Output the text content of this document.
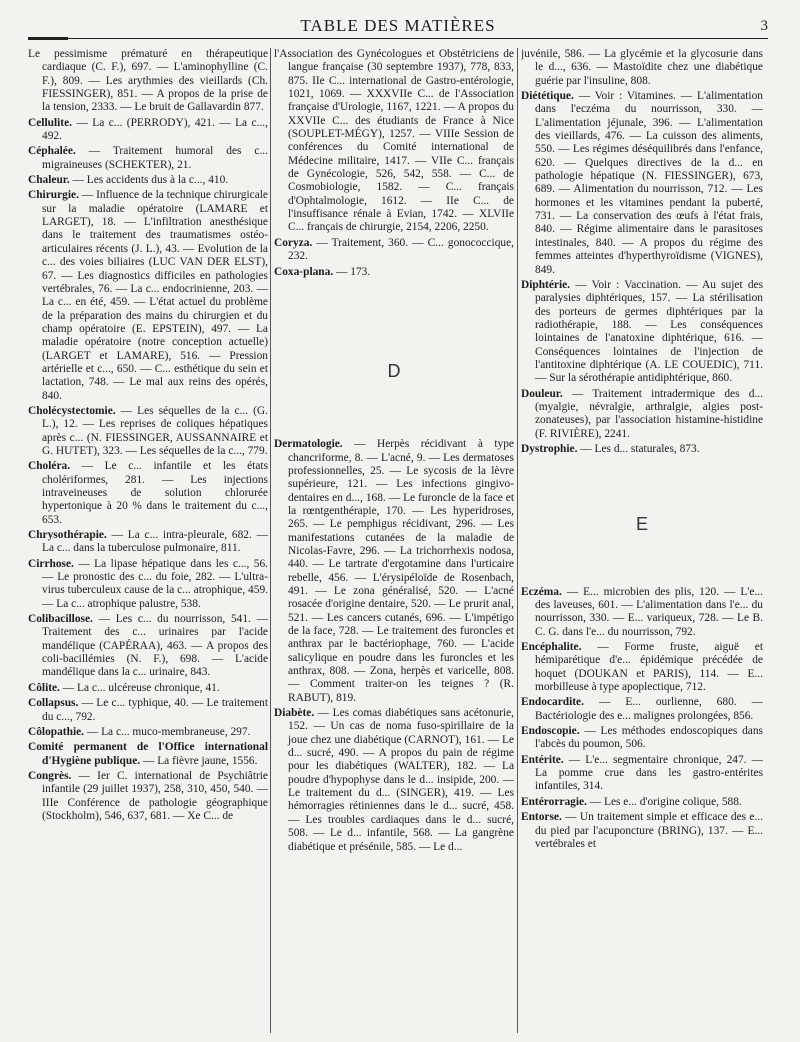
TABLE DES MATIÈRES	3

Le pessimisme prématuré en thérapeutique cardiaque (C. F.), 697. — L'aminophylline (C. F.), 809. — Les arythmies des vieillards (Ch. FIESSINGER), 851. — A propos de la prise de la tension, 2333. — Le bruit de Gallavardin 877.

Cellulite. — La c... (PERRODY), 421. — La c..., 492.

Céphalée. — Traitement humoral des c... migraineuses (SCHEKTER), 21.

Chaleur. — Les accidents dus à la c..., 410.

Chirurgie. — Influence de la technique chirurgicale sur la maladie opératoire (LAMARE et LARGET), 18. — L'infiltration anesthésique dans le traitement des traumatismes ostéo-articulaires récents (J. L.), 43. — Evolution de la c... des voies biliaires (LUC VAN DER ELST), 67. — Les diagnostics difficiles en pathologies vertébrales, 76. — La c... endocrinienne, 203. — La c... en été, 459. — L'état actuel du problème de la préparation des mains du chirurgien et du champ opératoire (E. EPSTEIN), 497. — La maladie opératoire (notre conception actuelle) (LARGET et LAMARE), 516. — Pression artérielle et c..., 650. — C... esthétique du sein et lactation, 748. — Le mal aux reins des opérés, 840.

Cholécystectomie. — Les séquelles de la c... (G. L.), 12. — Les reprises de coliques hépatiques après c... (N. FIESSINGER, AUSSANNAIRE et G. HUTET), 323. — Les séquelles de la c..., 779.

Choléra. — Le c... infantile et les états cholériformes, 281. — Les injections intraveineuses de solution chlorurée hypertonique à 20 % dans le traitement du c..., 653.

Chrysothérapie. — La c... intra-pleurale, 682. — La c... dans la tuberculose pulmonaire, 811.

Cirrhose. — La lipase hépatique dans les c..., 56. — Le pronostic des c... du foie, 282. — L'ultra-virus tuberculeux cause de la c... atrophique, 459. — La c... atrophique palustre, 538.

Colibacillose. — Les c... du nourrisson, 541. — Traitement des c... urinaires par l'acide mandélique (CAPÉRAA), 463. — A propos des coli-bacillémies (N. F.), 698. — L'acide mandélique dans la c... urinaire, 843.

Côlite. — La c... ulcéreuse chronique, 41.

Collapsus. — Le c... typhique, 40. — Le traitement du c..., 792.

Côlopathie. — La c... muco-membraneuse, 297.

Comité permanent de l'Office international d'Hygiène publique. — La fièvre jaune, 1556.

Congrès. — Ier C. international de Psychiâtrie infantile (29 juillet 1937), 258, 310, 450, 540. — IIIe Conférence de pathologie géographique (Stockholm), 546, 637, 681. — Xe C... de

l'Association des Gynécologues et Obstétriciens de langue française (30 septembre 1937), 778, 833, 875. IIe C... international de Gastro-entérologie, 1021, 1069. — XXXVIIe C... de l'Association française d'Urologie, 1167, 1221. — A propos du XXVIIe C... des étudiants de France à Nice (SOUPLET-MÉGY), 1257. — VIIIe Session de conférences du Comité international de Médecine militaire, 1417. — VIIe C... français de Gynécologie, 526, 542, 558. — C... de Cosmobiologie, 1582. — C... français d'Ophtalmologie, 1612. — IIe C... de l'insuffisance rénale à Evian, 1742. — XLVIIe C... français de chirurgie, 2154, 2206, 2250.

Coryza. — Traitement, 360. — C... gonococcique, 232.

Coxa-plana. — 173.

D

Dermatologie. — Herpès récidivant à type chancriforme, 8. — L'acné, 9. — Les dermatoses professionnelles, 25. — Le sycosis de la lèvre supérieure, 121. — Les infections gingivo-dentaires en d..., 168. — Le furoncle de la face et la rœntgenthérapie, 170. — Les hyperidroses, 265. — Le pemphigus récidivant, 296. — Les manifestations cutanées de la maladie de Nicolas-Favre, 296. — La trichorrhexis nodosa, 440. — Le tartrate d'ergotamine dans l'urticaire rebelle, 456. — L'érysipéloïde de Rosenbach, 491. — Le zona généralisé, 520. — L'acné rosacée d'origine dentaire, 520. — Le prurit anal, 521. — Les cancers cutanés, 696. — L'impétigo de la face, 728. — Le traitement des furoncles et anthrax par le bactériophage, 760. — L'acide salicylique en poudre dans les furoncles et les anthrax, 808. — Zona, herpès et varicelle, 808. — Comment traiter-on les teignes ? (R. RABUT), 819.

Diabète. — Les comas diabétiques sans acétonurie, 152. — Un cas de noma fuso-spirillaire de la joue chez une diabétique (CARNOT), 161. — Le d... sucré, 490. — A propos du pain de régime pour les diabétiques (WALTER), 182. — La poudre d'hypophyse dans le d... insipide, 200. — Le traitement du d... (SINGER), 419. — Les hémorragies rétiniennes dans le d... sucré, 458. — Les troubles cardiaques dans le d... sucré, 508. — Le d... infantile, 568. — La gangrène diabétique et présénile, 585. — Le d...

juvénile, 586. — La glycémie et la glycosurie dans le d..., 636. — Mastoïdite chez une diabétique guérie par l'insuline, 808.

Diététique. — Voir : Vitamines. — L'alimentation dans l'eczéma du nourrisson, 330. — L'alimentation jéjunale, 396. — L'alimentation des vieillards, 476. — La cuisson des aliments, 550. — Les régimes déséquilibrés dans l'enfance, 620. — Quelques directives de la d... en pathologie hépatique (N. FIESSINGER), 673, 689. — Alimentation du nourrisson, 712. — Les hormones et les vitamines pendant la puberté, 731. — La conservation des œufs à l'état frais, 840. — Régime alimentaire dans le parasitoses intestinales, 840. — A propos du régime des femmes atteintes d'hyperthyroïdisme (VIGNES), 849.

Diphtérie. — Voir : Vaccination. — Au sujet des paralysies diphtériques, 157. — La stérilisation des porteurs de germes diphtériques par la radiothérapie, 188. — Les conséquences lointaines de l'anatoxine diphtérique, 616. — Conséquences lointaines de l'injection de l'antitoxine diphtérique (A. LE COUEDIC), 711. — Sur la sérothérapie antidiphtérique, 860.

Douleur. — Traitement intradermique des d... (myalgie, névralgie, arthralgie, algies post-zonateuses), par l'association histamine-histidine (F. RIVIÈRE), 2241.

Dystrophie. — Les d... staturales, 873.

E

Eczéma. — E... microbien des plis, 120. — L'e... des laveuses, 601. — L'alimentation dans l'e... du nourrisson, 330. — E... variqueux, 728. — Le B. C. G. dans l'e... du nourrisson, 792.

Encéphalite. — Forme fruste, aiguë et hémiparétique d'e... épidémique précédée de hoquet (DOUKAN et PARIS), 114. — E... morbilleuse à type apoplectique, 712.

Endocardite. — E... ourlienne, 680. — Bactériologie des e... malignes prolongées, 856.

Endoscopie. — Les méthodes endoscopiques dans l'abcès du poumon, 506.

Entérite. — L'e... segmentaire chronique, 247. — La pomme crue dans les gastro-entérites infantiles, 314.

Entérorragie. — Les e... d'origine colique, 588.

Entorse. — Un traitement simple et efficace des e... du pied par l'acuponcture (BRING), 137. — E... vertébrales et
